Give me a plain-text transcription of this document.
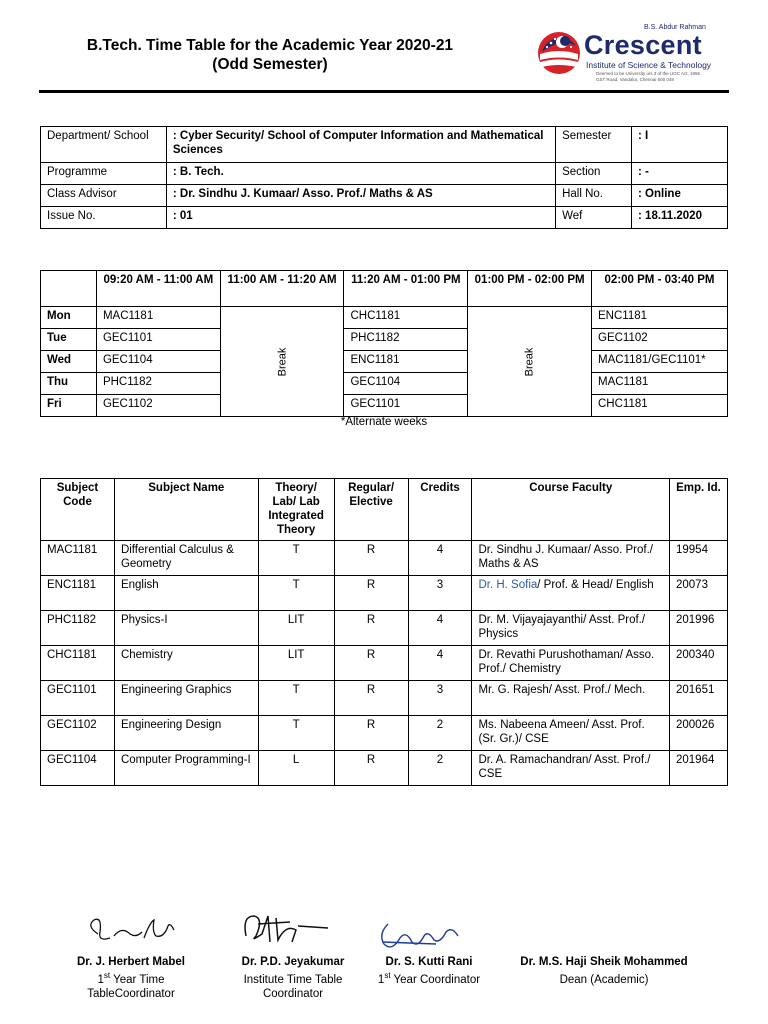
B.Tech. Time Table for the Academic Year 2020-21
(Odd Semester)
B.S. Abdur Rahman
Crescent
Institute of Science & Technology
Deemed to be University u/s 3 of the UGC Act, 1956
GST Road, Vandalur, Chennai 600 048
Department/ School	: Cyber Security/ School of Computer Information and Mathematical Sciences	Semester	: I
Programme	: B. Tech.	Section	: -
Class Advisor	: Dr. Sindhu J. Kumaar/ Asso. Prof./ Maths & AS	Hall No.	: Online
Issue No.	: 01	Wef	: 18.11.2020
	09:20 AM - 11:00 AM	11:00 AM - 11:20 AM	11:20 AM - 01:00 PM	01:00 PM - 02:00 PM	02:00 PM - 03:40 PM
Mon	MAC1181	Break	CHC1181	Break	ENC1181
Tue	GEC1101		PHC1182		GEC1102
Wed	GEC1104		ENC1181		MAC1181/GEC1101*
Thu	PHC1182		GEC1104		MAC1181
Fri	GEC1102		GEC1101		CHC1181
*Alternate weeks
Subject Code	Subject Name	Theory/ Lab/ Lab Integrated Theory	Regular/ Elective	Credits	Course Faculty	Emp. Id.
MAC1181	Differential Calculus & Geometry	T	R	4	Dr. Sindhu J. Kumaar/ Asso. Prof./ Maths & AS	19954
ENC1181	English	T	R	3	Dr. H. Sofia/ Prof. & Head/ English	20073
PHC1182	Physics-I	LIT	R	4	Dr. M. Vijayajayanthi/ Asst. Prof./ Physics	201996
CHC1181	Chemistry	LIT	R	4	Dr. Revathi Purushothaman/ Asso. Prof./ Chemistry	200340
GEC1101	Engineering Graphics	T	R	3	Mr. G. Rajesh/ Asst. Prof./ Mech.	201651
GEC1102	Engineering Design	T	R	2	Ms. Nabeena Ameen/ Asst. Prof. (Sr. Gr.)/ CSE	200026
GEC1104	Computer Programming-I	L	R	2	Dr. A. Ramachandran/ Asst. Prof./ CSE	201964
Dr. J. Herbert Mabel
1st Year Time
TableCoordinator
Dr. P.D. Jeyakumar
Institute Time Table
Coordinator
Dr. S. Kutti Rani
1st Year Coordinator
Dr. M.S. Haji Sheik Mohammed
Dean (Academic)
